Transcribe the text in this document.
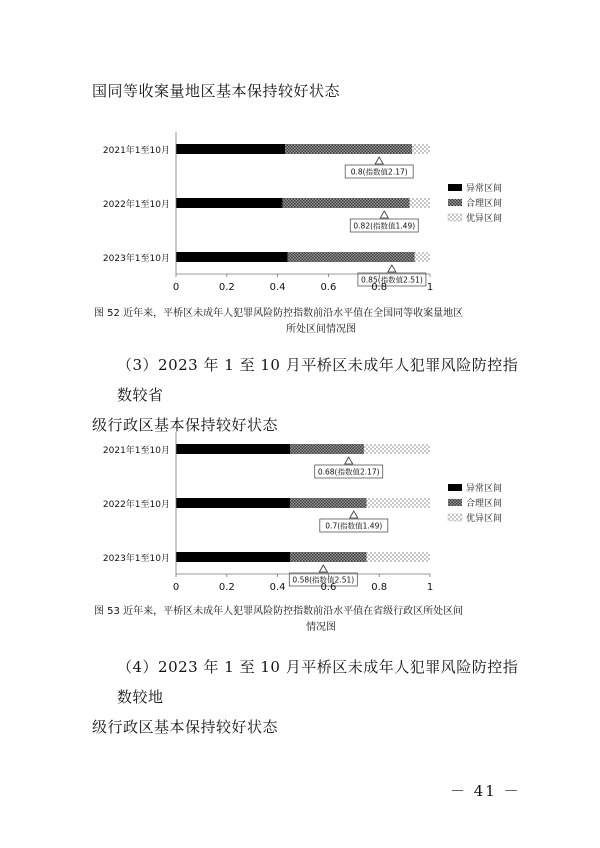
国同等收案量地区基本保持较好状态
2021年1至10月
0.8(指数值2.17)
2022年1至10月
0.82(指数值1.49)
2023年1至10月
0.85(指数值2.51)
0	0.2	0.4	0.6	0.8	1
异常区间
合理区间
优异区间
图 52 近年来，平桥区未成年人犯罪风险防控指数前沿水平值在全国同等收案量地区
所处区间情况图
（3）2023 年 1 至 10 月平桥区未成年人犯罪风险防控指数较省
级行政区基本保持较好状态
2021年1至10月
0.68(指数值2.17)
2022年1至10月
0.7(指数值1.49)
2023年1至10月
0.58(指数值2.51)
0	0.2	0.4	0.6	0.8	1
异常区间
合理区间
优异区间
图 53 近年来，平桥区未成年人犯罪风险防控指数前沿水平值在省级行政区所处区间
情况图
（4）2023 年 1 至 10 月平桥区未成年人犯罪风险防控指数较地
级行政区基本保持较好状态
－ 41 －
